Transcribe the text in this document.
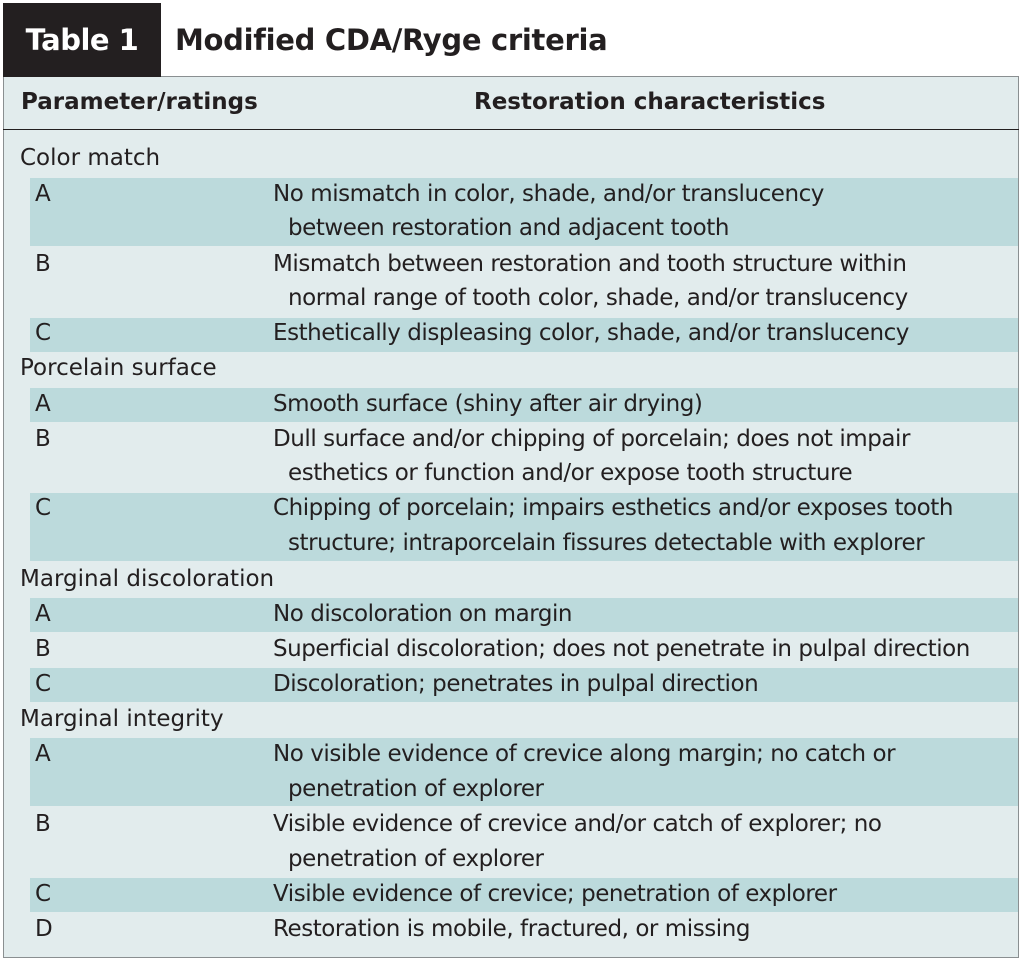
Table 1	Modified CDA/Ryge criteria
Parameter/ratings	Restoration characteristics
Color match
A	No mismatch in color, shade, and/or translucency
between restoration and adjacent tooth
B	Mismatch between restoration and tooth structure within
normal range of tooth color, shade, and/or translucency
C	Esthetically displeasing color, shade, and/or translucency
Porcelain surface
A	Smooth surface (shiny after air drying)
B	Dull surface and/or chipping of porcelain; does not impair
esthetics or function and/or expose tooth structure
C	Chipping of porcelain; impairs esthetics and/or exposes tooth
structure; intraporcelain fissures detectable with explorer
Marginal discoloration
A	No discoloration on margin
B	Superficial discoloration; does not penetrate in pulpal direction
C	Discoloration; penetrates in pulpal direction
Marginal integrity
A	No visible evidence of crevice along margin; no catch or
penetration of explorer
B	Visible evidence of crevice and/or catch of explorer; no
penetration of explorer
C	Visible evidence of crevice; penetration of explorer
D	Restoration is mobile, fractured, or missing
